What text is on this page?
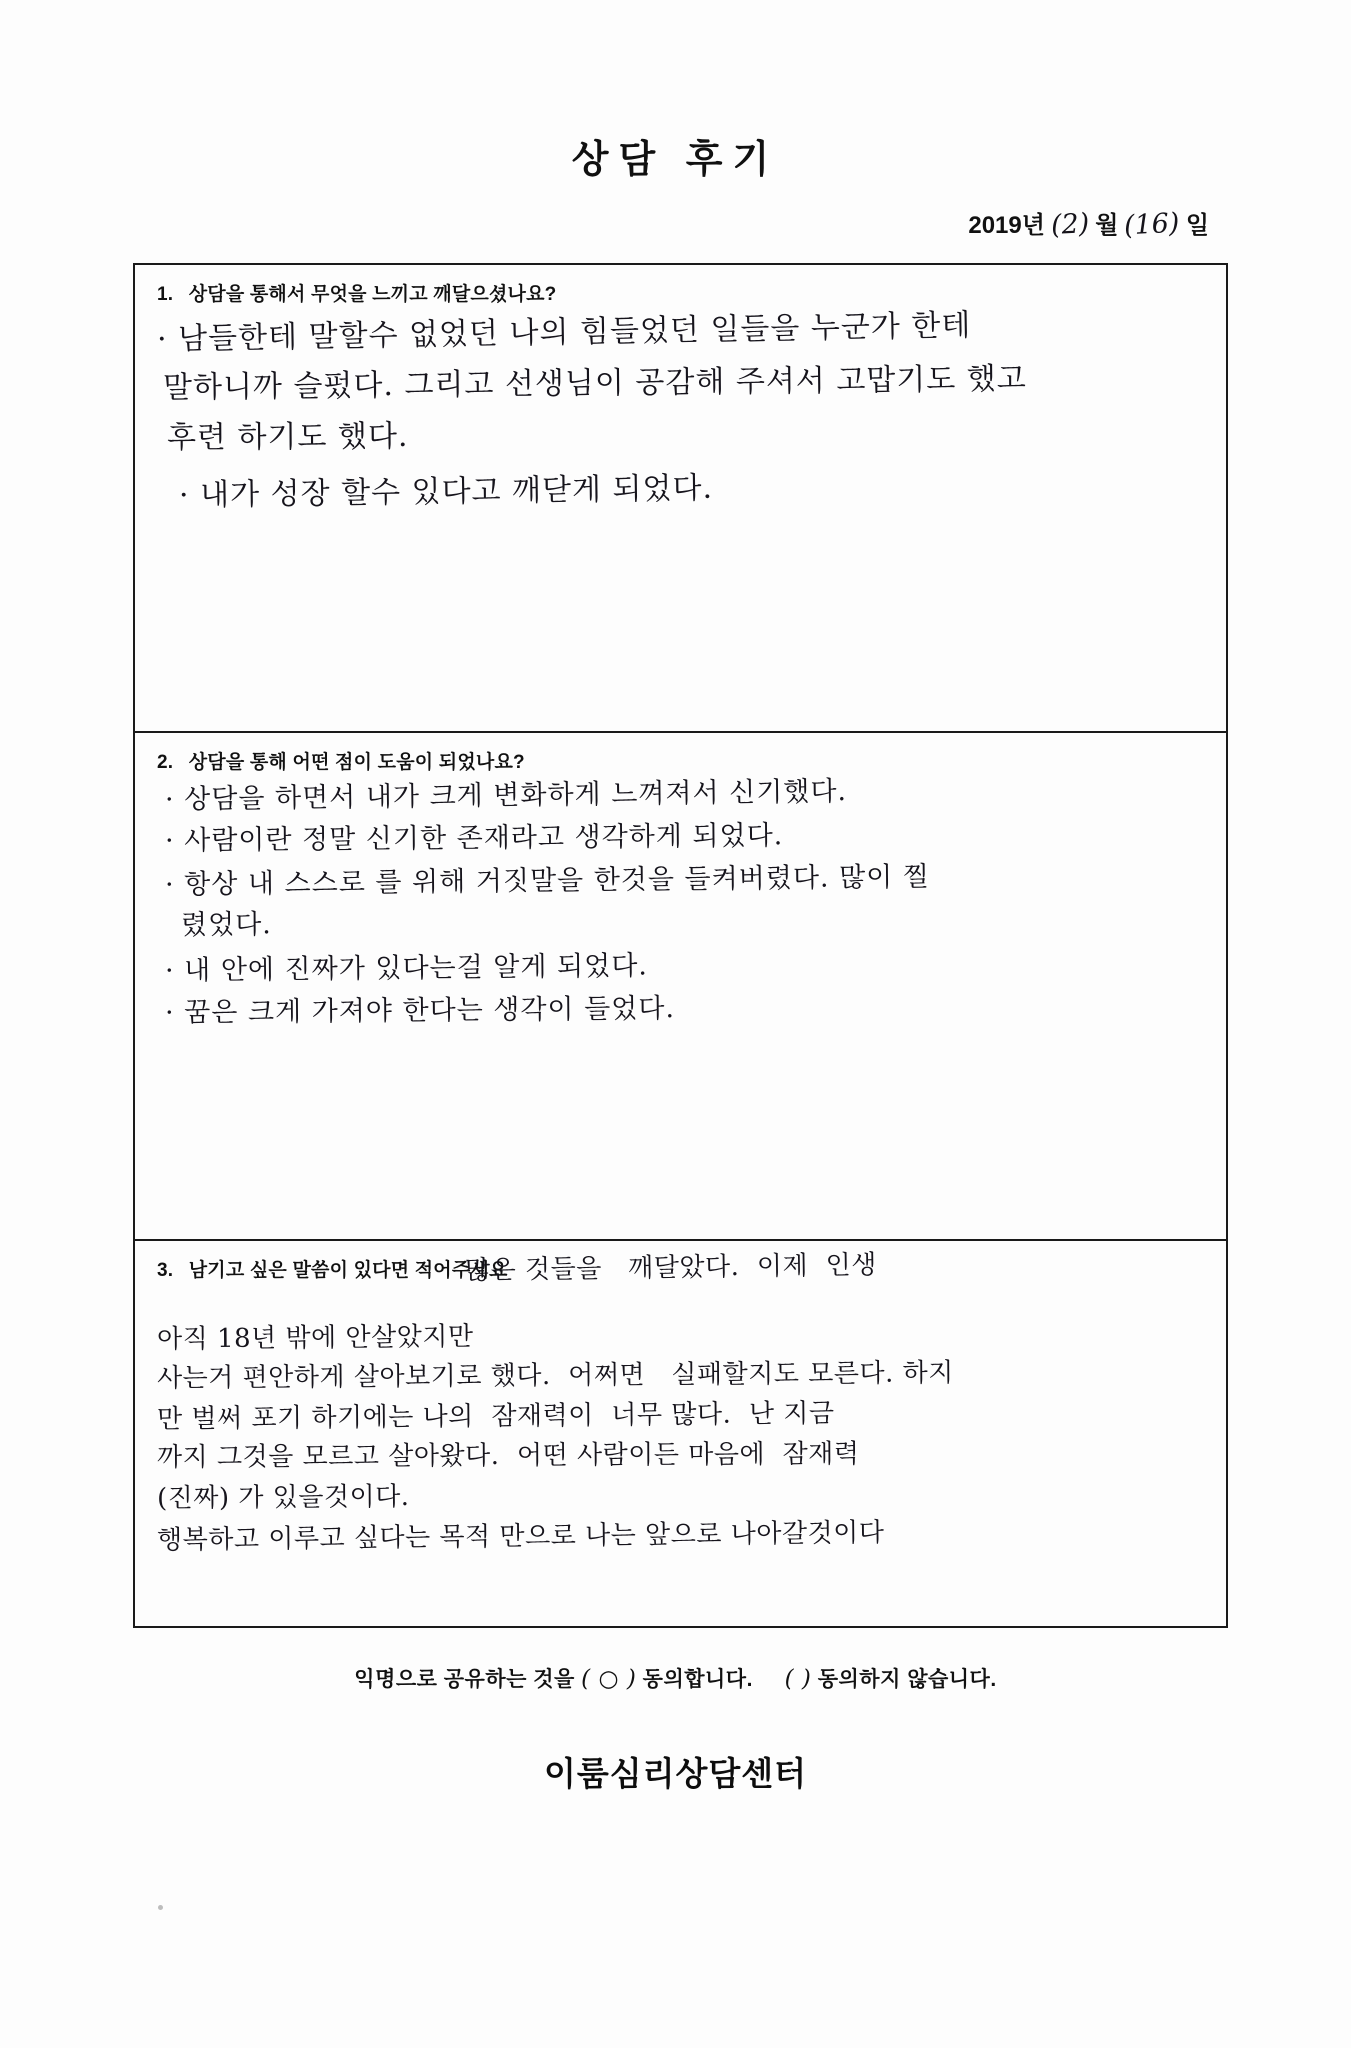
상담 후기
2019년 (2) 월 (16) 일
1. 상담을 통해서 무엇을 느끼고 깨달으셨나요?
· 남들한테 말할수 없었던 나의 힘들었던 일들을 누군가 한테
말하니까 슬펐다. 그리고 선생님이 공감해 주셔서 고맙기도 했고
후련 하기도 했다.
· 내가 성장 할수 있다고 깨닫게 되었다.
2. 상담을 통해 어떤 점이 도움이 되었나요?
· 상담을 하면서 내가 크게 변화하게 느껴져서 신기했다.
· 사람이란 정말 신기한 존재라고 생각하게 되었다.
· 항상 내 스스로 를 위해 거짓말을 한것을 들켜버렸다. 많이 찔
렸었다.
· 내 안에 진짜가 있다는걸 알게 되었다.
· 꿈은 크게 가져야 한다는 생각이 들었다.
3. 남기고 싶은 말씀이 있다면 적어주세요
많은 것들을   깨달았다.  이제  인생
아직 18년 밖에 안살았지만
사는거 편안하게 살아보기로 했다.  어쩌면   실패할지도 모른다. 하지
만 벌써 포기 하기에는 나의  잠재력이  너무 많다.  난 지금
까지 그것을 모르고 살아왔다.  어떤 사람이든 마음에  잠재력
(진짜) 가 있을것이다.
행복하고 이루고 싶다는 목적 만으로 나는 앞으로 나아갈것이다
익명으로 공유하는 것을 ( ○ ) 동의합니다. ( ) 동의하지 않습니다.
이룸심리상담센터
